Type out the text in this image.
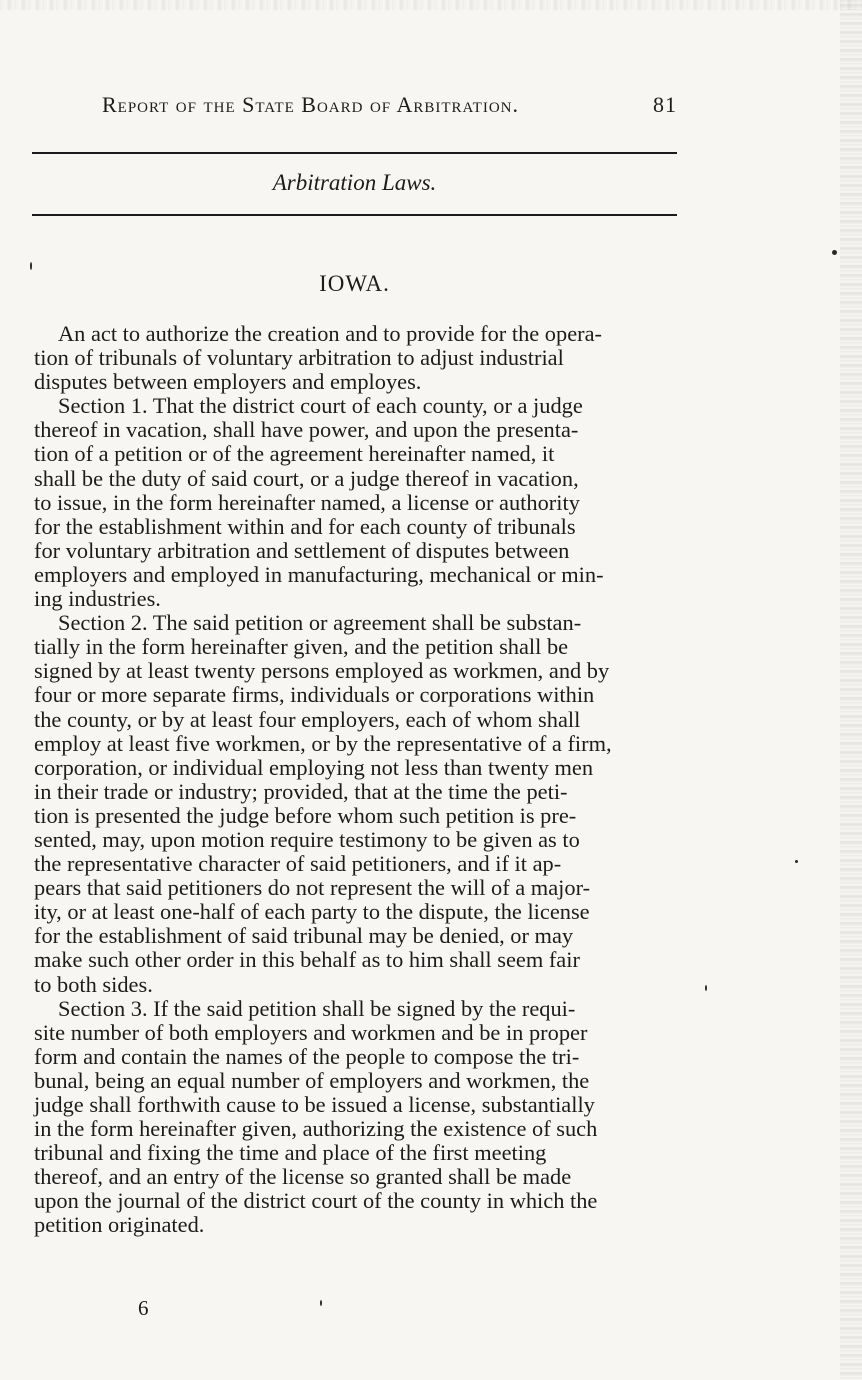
Report of the State Board of Arbitration.	81
Arbitration Laws.
IOWA.

An act to authorize the creation and to provide for the opera-
tion of tribunals of voluntary arbitration to adjust industrial
disputes between employers and employes.

Section 1. That the district court of each county, or a judge
thereof in vacation, shall have power, and upon the presenta-
tion of a petition or of the agreement hereinafter named, it
shall be the duty of said court, or a judge thereof in vacation,
to issue, in the form hereinafter named, a license or authority
for the establishment within and for each county of tribunals
for voluntary arbitration and settlement of disputes between
employers and employed in manufacturing, mechanical or min-
ing industries.

Section 2. The said petition or agreement shall be substan-
tially in the form hereinafter given, and the petition shall be
signed by at least twenty persons employed as workmen, and by
four or more separate firms, individuals or corporations within
the county, or by at least four employers, each of whom shall
employ at least five workmen, or by the representative of a firm,
corporation, or individual employing not less than twenty men
in their trade or industry; provided, that at the time the peti-
tion is presented the judge before whom such petition is pre-
sented, may, upon motion require testimony to be given as to
the representative character of said petitioners, and if it ap-
pears that said petitioners do not represent the will of a major-
ity, or at least one-half of each party to the dispute, the license
for the establishment of said tribunal may be denied, or may
make such other order in this behalf as to him shall seem fair
to both sides.

Section 3. If the said petition shall be signed by the requi-
site number of both employers and workmen and be in proper
form and contain the names of the people to compose the tri-
bunal, being an equal number of employers and workmen, the
judge shall forthwith cause to be issued a license, substantially
in the form hereinafter given, authorizing the existence of such
tribunal and fixing the time and place of the first meeting
thereof, and an entry of the license so granted shall be made
upon the journal of the district court of the county in which the
petition originated.

6
